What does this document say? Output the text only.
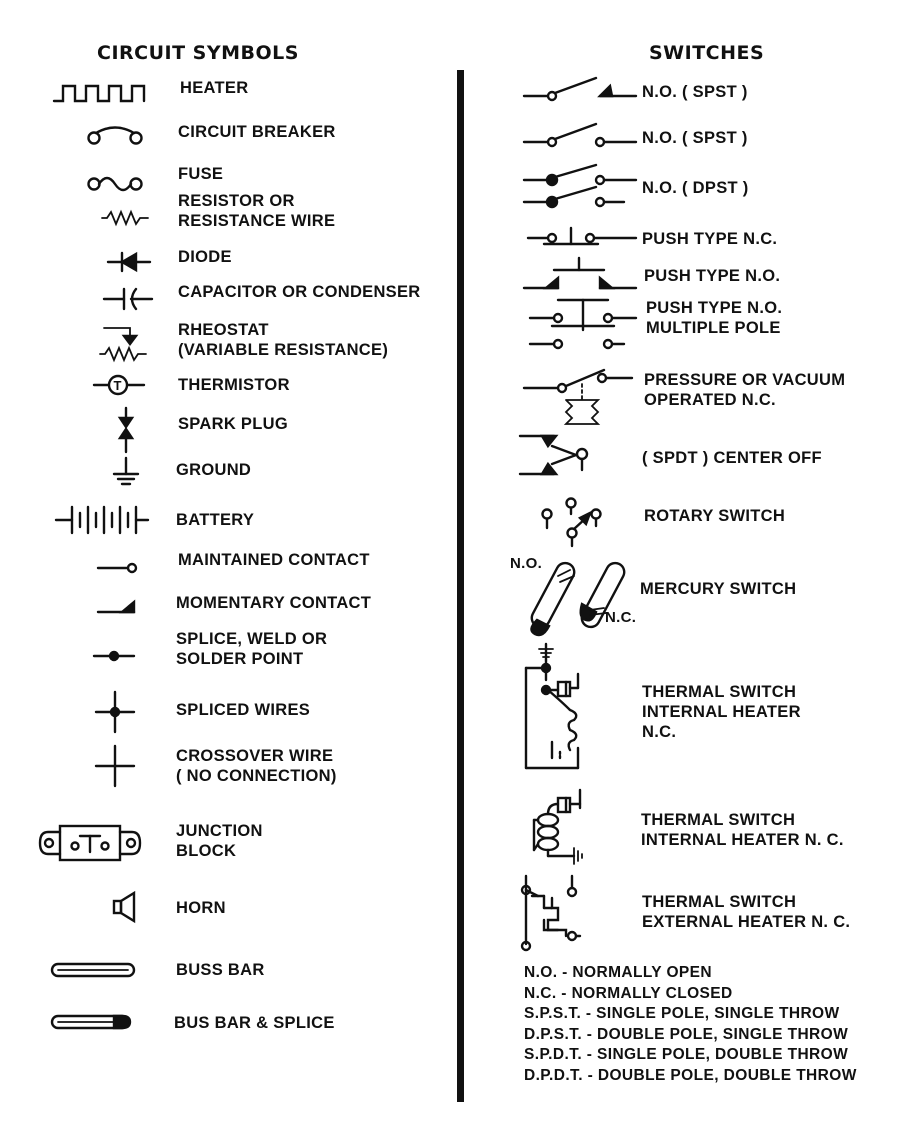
CIRCUIT SYMBOLS	SWITCHES
HEATER
CIRCUIT BREAKER
FUSE
RESISTOR OR
RESISTANCE WIRE
DIODE
CAPACITOR OR CONDENSER
RHEOSTAT
(VARIABLE RESISTANCE)
T	THERMISTOR
SPARK PLUG
GROUND
BATTERY
MAINTAINED CONTACT
MOMENTARY CONTACT
SPLICE, WELD OR
SOLDER POINT
SPLICED WIRES
CROSSOVER WIRE
( NO CONNECTION)
JUNCTION
BLOCK
HORN
BUSS BAR
BUS BAR & SPLICE
N.O. ( SPST )
N.O. ( SPST )
N.O. ( DPST )
PUSH TYPE N.C.
PUSH TYPE N.O.
PUSH TYPE N.O.
MULTIPLE POLE
PRESSURE OR VACUUM
OPERATED N.C.
( SPDT ) CENTER OFF
ROTARY SWITCH
N.O.
N.C.
MERCURY SWITCH
THERMAL SWITCH
INTERNAL HEATER
N.C.
THERMAL SWITCH
INTERNAL HEATER N. C.
THERMAL SWITCH
EXTERNAL HEATER N. C.
N.O. - NORMALLY OPEN
N.C. - NORMALLY CLOSED
S.P.S.T. - SINGLE POLE, SINGLE THROW
D.P.S.T. - DOUBLE POLE, SINGLE THROW
S.P.D.T. - SINGLE POLE, DOUBLE THROW
D.P.D.T. - DOUBLE POLE, DOUBLE THROW
